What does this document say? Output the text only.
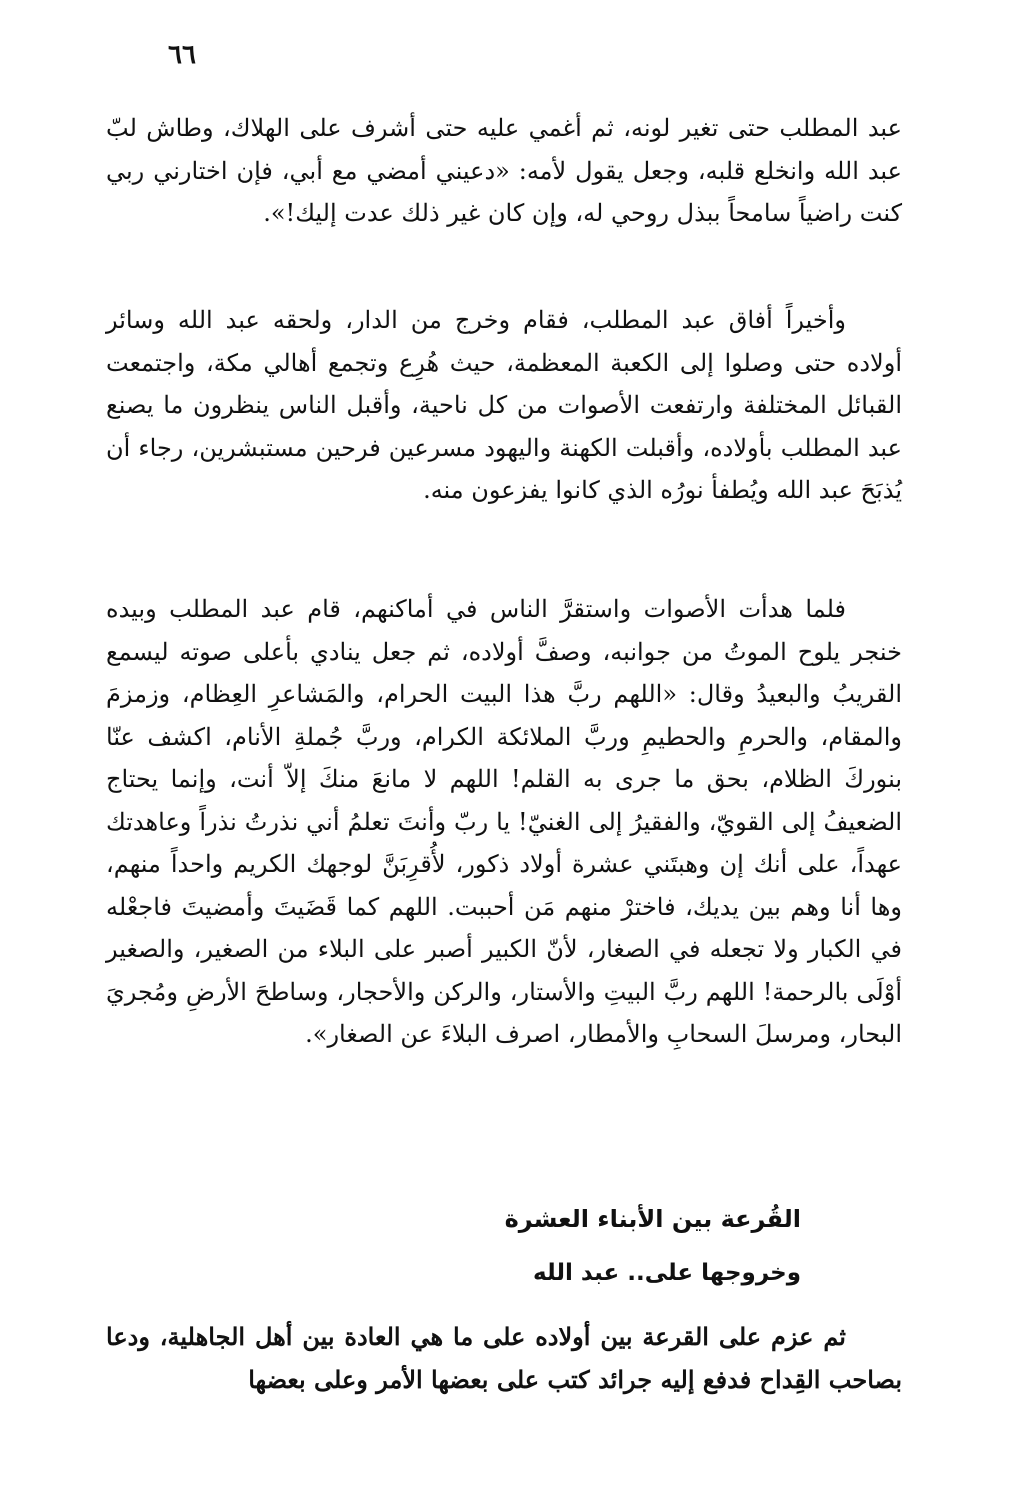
٦٦

عبد المطلب حتى تغير لونه، ثم أغمي عليه حتى أشرف على الهلاك، وطاش لبّ عبد الله وانخلع قلبه، وجعل يقول لأمه: «دعيني أمضي مع أبي، فإن اختارني ربي كنت راضياً سامحاً ببذل روحي له، وإن كان غير ذلك عدت إليك!».

وأخيراً أفاق عبد المطلب، فقام وخرج من الدار، ولحقه عبد الله وسائر أولاده حتى وصلوا إلى الكعبة المعظمة، حيث هُرِع وتجمع أهالي مكة، واجتمعت القبائل المختلفة وارتفعت الأصوات من كل ناحية، وأقبل الناس ينظرون ما يصنع عبد المطلب بأولاده، وأقبلت الكهنة واليهود مسرعين فرحين مستبشرين، رجاء أن يُذبَحَ عبد الله ويُطفأ نورُه الذي كانوا يفزعون منه.

فلما هدأت الأصوات واستقرَّ الناس في أماكنهم، قام عبد المطلب وبيده خنجر يلوح الموتُ من جوانبه، وصفَّ أولاده، ثم جعل ينادي بأعلى صوته ليسمع القريبُ والبعيدُ وقال: «اللهم ربَّ هذا البيت الحرام، والمَشاعرِ العِظام، وزمزمَ والمقام، والحرمِ والحطيمِ وربَّ الملائكة الكرام، وربَّ جُملةِ الأنام، اكشف عنّا بنوركَ الظلام، بحق ما جرى به القلم! اللهم لا مانعَ منكَ إلاّ أنت، وإنما يحتاج الضعيفُ إلى القويّ، والفقيرُ إلى الغنيّ! يا ربّ وأنتَ تعلمُ أني نذرتُ نذراً وعاهدتك عهداً، على أنك إن وهبتَني عشرة أولاد ذكور، لأُقرِبَنَّ لوجهك الكريم واحداً منهم، وها أنا وهم بين يديك، فاخترْ منهم مَن أحببت. اللهم كما قَضَيتَ وأمضيتَ فاجعْله في الكبار ولا تجعله في الصغار، لأنّ الكبير أصبر على البلاء من الصغير، والصغير أوْلَى بالرحمة! اللهم ربَّ البيتِ والأستار، والركن والأحجار، وساطحَ الأرضِ ومُجريَ البحار، ومرسلَ السحابِ والأمطار، اصرف البلاءَ عن الصغار».

القُرعة بين الأبناء العشرة
وخروجها على.. عبد الله

ثم عزم على القرعة بين أولاده على ما هي العادة بين أهل الجاهلية، ودعا بصاحب القِداح فدفع إليه جرائد كتب على بعضها الأمر وعلى بعضها
